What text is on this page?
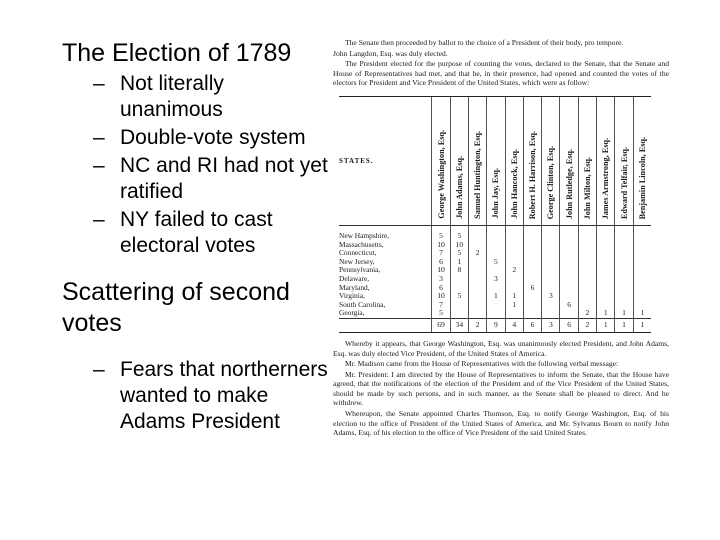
The Election of 1789
– Not literally unanimous
– Double-vote system
– NC and RI had not yet ratified
– NY failed to cast electoral votes
Scattering of second votes
– Fears that northerners wanted to make Adams President

The Senate then proceeded by ballot to the choice of a President of their body, pro tempore.

John Langdon, Esq. was duly elected.

The President elected for the purpose of counting the votes, declared to the Senate, that the Senate and House of Representatives had met, and that he, in their presence, had opened and counted the votes of the electors for President and Vice President of the United States, which were as follow:

STATES.	George Washington, Esq.	John Adams, Esq.	Samuel Huntington, Esq.	John Jay, Esq.	John Hancock, Esq.	Robert H. Harrison, Esq.	George Clinton, Esq.	John Rutledge, Esq.	John Milton, Esq.	James Armstrong, Esq.	Edward Telfair, Esq.	Benjamin Lincoln, Esq.
New Hampshire,	5	5										
Massachusetts,	10	10										
Connecticut,	7	5	2									
New Jersey,	6	1		5								
Pennsylvania,	10	8			2							
Delaware,	3			3								
Maryland,	6					6						
Virginia,	10	5		1	1		3					
South Carolina,	7				1			6				
Georgia,	5								2	1	1	1
	69	34	2	9	4	6	3	6	2	1	1	1

Whereby it appears, that George Washington, Esq. was unanimously elected President, and John Adams, Esq. was duly elected Vice President, of the United States of America.

Mr. Madison came from the House of Representatives with the following verbal message:

Mr. President: I am directed by the House of Representatives to inform the Senate, that the House have agreed, that the notifications of the election of the President and of the Vice President of the United States, should be made by such persons, and in such manner, as the Senate shall be pleased to direct. And he withdrew.

Whereupon, the Senate appointed Charles Thomson, Esq. to notify George Washington, Esq. of his election to the office of President of the United States of America, and Mr. Sylvanus Bourn to notify John Adams, Esq. of his election to the office of Vice President of the said United States.
